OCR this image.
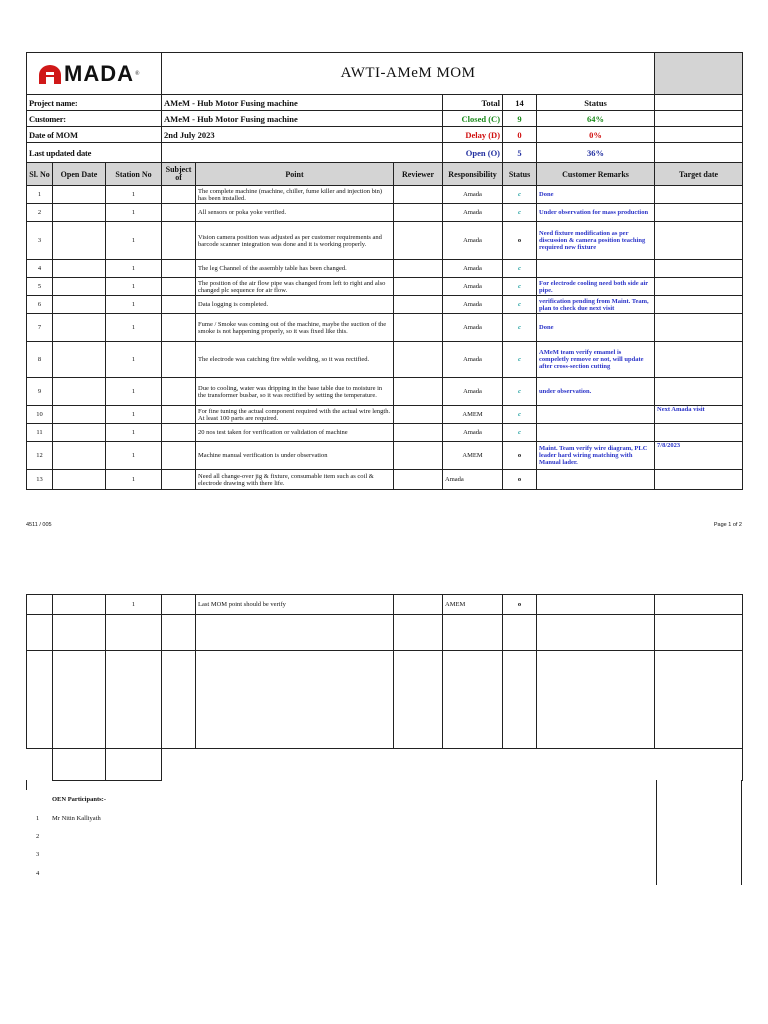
MADA ®			AWTI-AMeM MOM						
Project name:			AMeM - Hub Motor Fusing machine			Total	14	Status	
Customer:			AMeM - Hub Motor Fusing machine			Closed (C)	9	64%	
Date of MOM			2nd July 2023			Delay (D)	0	0%	
Last updated date						Open (O)	5	36%	
Sl. No	Open Date	Station No	Subject of	Point	Reviewer	Responsibility	Status	Customer Remarks	Target date
1		1		The complete machine (machine, chiller, fume killer and injection bin) has been installed.		Amada	c	Done	
2		1		All sensors or poka yoke verified.		Amada	c	Under observation for mass production	
3		1		Vision camera position was adjusted as per customer requirements and barcode scanner integration was done and it is working properly.		Amada	o	Need fixture modification as per discussion & camera position teaching required new fixture	
4		1		The leg Channel of the assembly table has been changed.		Amada	c		
5		1		The position of the air flow pipe was changed from left to right and also changed plc sequence for air flow.		Amada	c	For electrode cooling need both side air pipe.	
6		1		Data logging is completed.		Amada	c	verification pending from Maint. Team, plan to check due next visit	
7		1		Fume / Smoke was coming out of the machine, maybe the suction of the smoke is not happening properly, so it was fixed like this.		Amada	c	Done	
8		1		The electrode was catching fire while welding, so it was rectified.		Amada	c	AMeM team verify emamel is compeletly remove or not, will update after cross-section cutting	
9		1		Due to cooling, water was dripping in the base table due to moisture in the transformer busbar, so it was rectified by setting the temperature.		Amada	c	under observation.	
10		1		For fine tuning the actual component required with the actual wire length. At least 100 parts are required.		AMEM	c		Next Amada visit
11		1		20 nos test taken for verification or validation of machine		Amada	c		
12		1		Machine manual verification is under observation		AMEM	o	Maint. Team verify wire diagram, PLC leader hard wiring matching with Manual lader.	7/8/2023
13		1		Need all change-over jig & fixture, consumable item such as coil & electrode drawing with there life.		Amada	o		
4511 / 005	Page 1 of 2
		1		Last MOM point should be verify		AMEM	o		

OEN Participants:-
1 Mr Nitin Kalliyath
2
3
4
